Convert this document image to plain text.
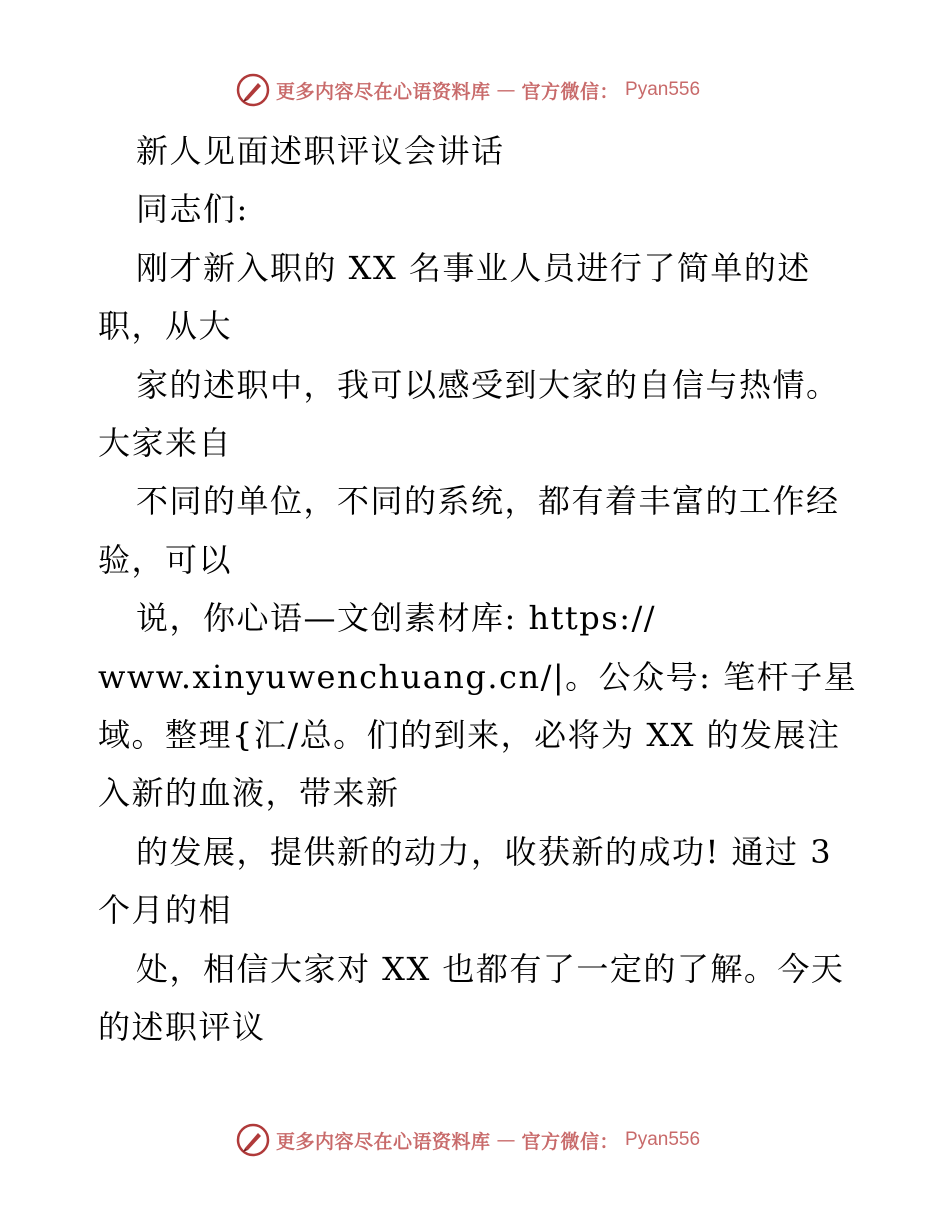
更多内容尽在心语资料库 — 官方微信： Pyan556

新人见面述职评议会讲话

同志们:

刚才新入职的 XX 名事业人员进行了简单的述职，从大

家的述职中，我可以感受到大家的自信与热情。大家来自

不同的单位，不同的系统，都有着丰富的工作经验，可以

说，你心语—文创素材库: https://

www.xinyuwenchuang.cn/|。公众号: 笔杆子星

域。整理{汇/总。们的到来，必将为 XX 的发展注入新的血液，带来新

的发展，提供新的动力，收获新的成功! 通过 3 个月的相

处，相信大家对 XX 也都有了一定的了解。今天的述职评议

更多内容尽在心语资料库 — 官方微信： Pyan556
